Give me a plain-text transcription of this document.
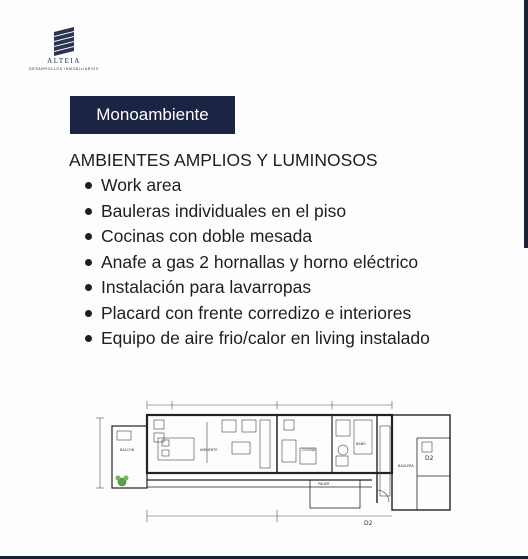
ALTEIA
DESARROLLOS INMOBILIARIOS
Monoambiente
AMBIENTES AMPLIOS Y LUMINOSOS
Work area
Bauleras individuales en el piso
Cocinas con doble mesada
Anafe a gas 2 hornallas y horno eléctrico
Instalación para lavarropas
Placard con frente corredizo e interiores
Equipo de aire frio/calor en living instalado
BALCON	AMBIENTE	COCINA
BAÑO
BAULERA
PALIER
D2
D2
